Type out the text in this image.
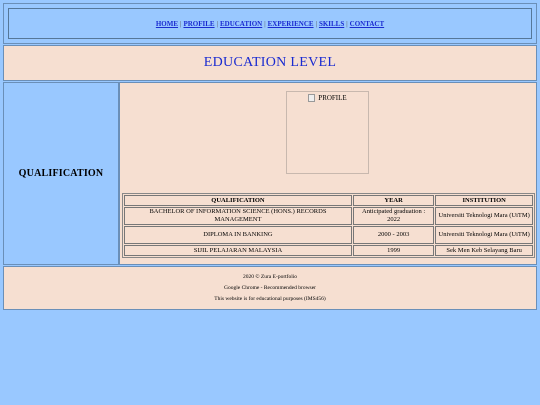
HOME | PROFILE | EDUCATION | EXPERIENCE | SKILLS | CONTACT
EDUCATION LEVEL
QUALIFICATION
PROFILE
QUALIFICATION	YEAR	INSTITUTION
BACHELOR OF INFORMATION SCIENCE (HONS.) RECORDS MANAGEMENT	Anticipated graduation : 2022	Universiti Teknologi Mara (UiTM)
DIPLOMA IN BANKING	2000 - 2003	Universiti Teknologi Mara (UiTM)
SIJIL PELAJARAN MALAYSIA	1999	Sek Men Keb Selayang Baru
2020 © Zura E-portfolio
Google Chrome - Recommended browser
This website is for educational purposes (IMS456)
